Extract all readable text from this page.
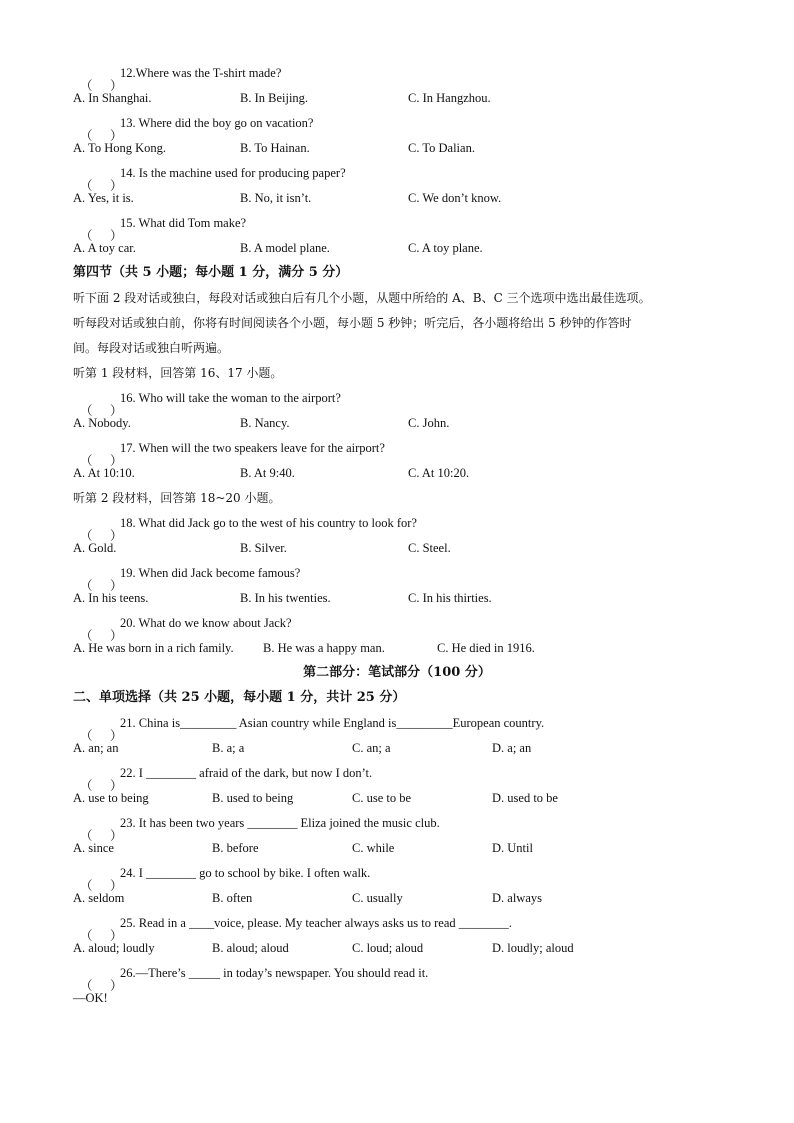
（ ）
12.Where was the T-shirt made?
A. In Shanghai.	B. In Beijing.	C. In Hangzhou.
（ ）
13. Where did the boy go on vacation?
A. To Hong Kong.	B. To Hainan.	C. To Dalian.
（ ）
14. Is the machine used for producing paper?
A. Yes, it is.	B. No, it isn’t.	C. We don’t know.
（ ）
15. What did Tom make?
A. A toy car.	B. A model plane.	C. A toy plane.
第四节（共 5 小题；每小题 1 分，满分 5 分）
听下面 2 段对话或独白，每段对话或独白后有几个小题，从题中所给的 A、B、C 三个选项中选出最佳选项。
听每段对话或独白前，你将有时间阅读各个小题，每小题 5 秒钟；听完后，各小题将给出 5 秒钟的作答时
间。每段对话或独白听两遍。
听第 1 段材料，回答第 16、17 小题。
（ ）
16. Who will take the woman to the airport?
A. Nobody.	B. Nancy.	C. John.
（ ）
17. When will the two speakers leave for the airport?
A. At 10:10.	B. At 9:40.	C. At 10:20.
听第 2 段材料，回答第 18~20 小题。
（ ）
18. What did Jack go to the west of his country to look for?
A. Gold.	B. Silver.	C. Steel.
（ ）
19. When did Jack become famous?
A. In his teens.	B. In his twenties.	C. In his thirties.
（ ）
20. What do we know about Jack?
A. He was born in a rich family. B. He was a happy man.	C. He died in 1916.
第二部分：笔试部分（100 分）
二、单项选择（共 25 小题，每小题 1 分，共计 25 分）
（ ）
21. China is_________ Asian country while England is_________European country.
A. an; an	B. a; a	C. an; a	D. a; an
（ ）
22. I ________ afraid of the dark, but now I don’t.
A. use to being	B. used to being	C. use to be	D. used to be
（ ）
23. It has been two years ________ Eliza joined the music club.
A. since	B. before	C. while	D. Until
（ ）
24. I ________ go to school by bike. I often walk.
A. seldom	B. often	C. usually	D. always
（ ）
25. Read in a ____voice, please. My teacher always asks us to read ________.
A. aloud; loudly	B. aloud; aloud	C. loud; aloud	D. loudly; aloud
（ ）
26.—There’s _____ in today’s newspaper. You should read it.
—OK!
